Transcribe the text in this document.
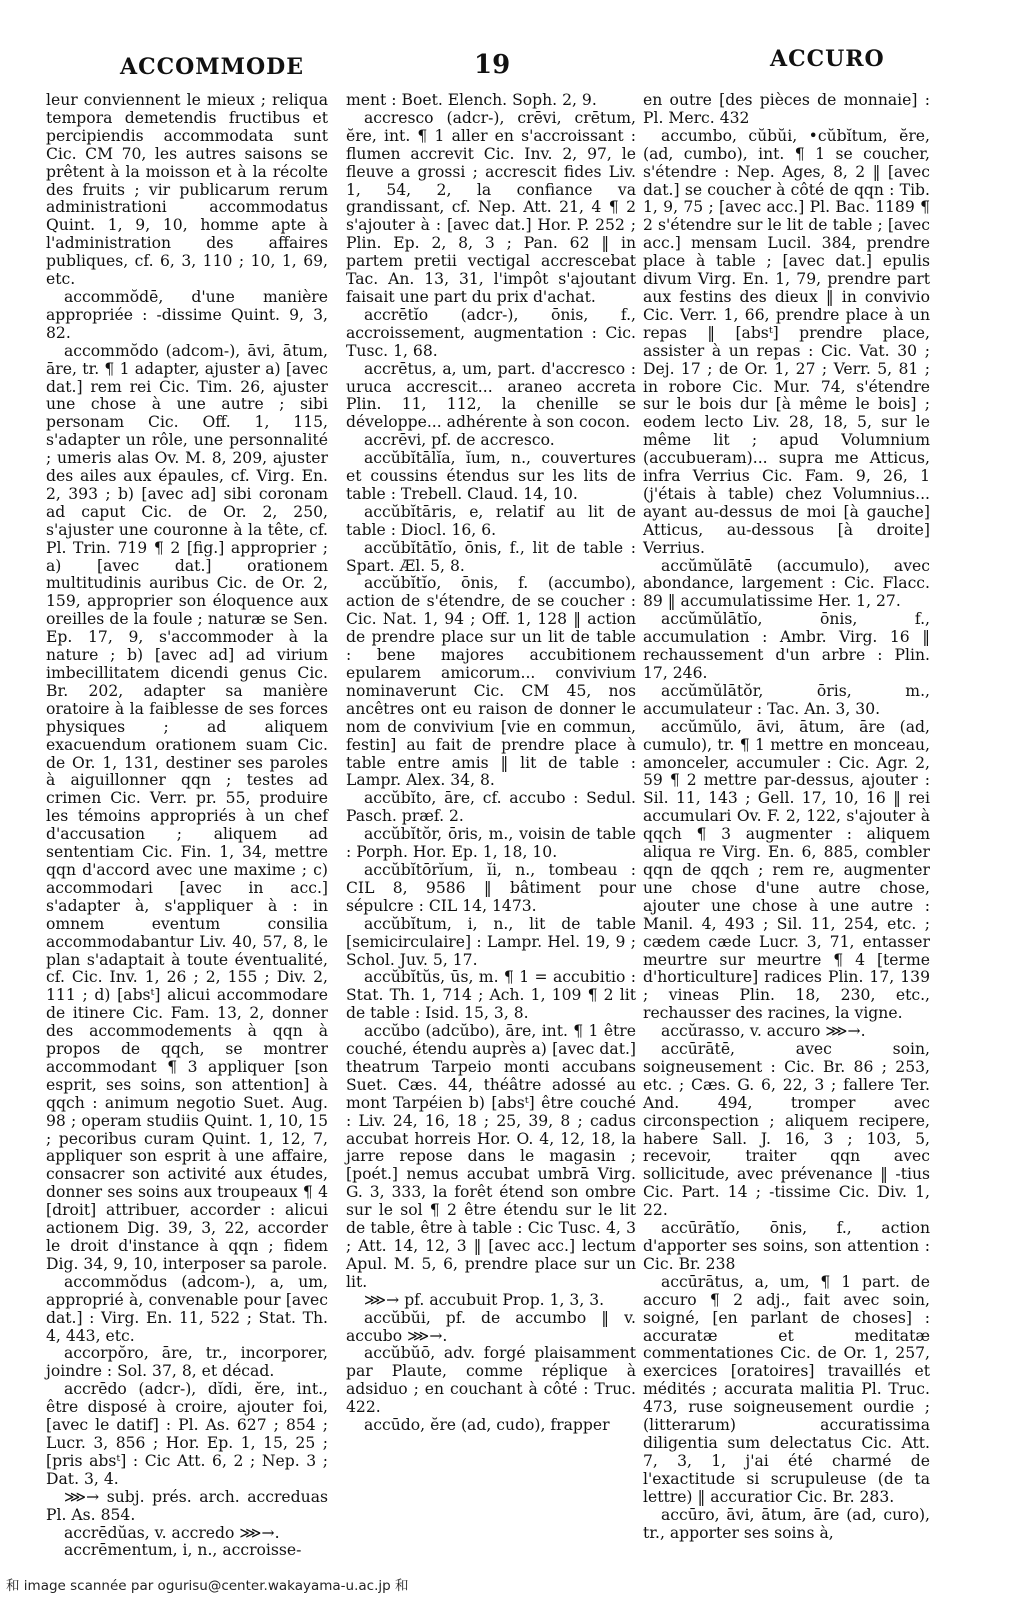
ACCOMMODE	19	ACCURO

leur conviennent le mieux ; reliqua tempora demetendis fructibus et percipiendis accommodata sunt Cic. CM 70, les autres saisons se prêtent à la moisson et à la récolte des fruits ; vir publicarum rerum administrationi accommodatus Quint. 1, 9, 10, homme apte à l'administration des affaires publiques, cf. 6, 3, 110 ; 10, 1, 69, etc.

accommŏdē, d'une manière appropriée : -dissime Quint. 9, 3, 82.

accommŏdo (adcom-), āvi, ātum, āre, tr. ¶ 1 adapter, ajuster a) [avec dat.] rem rei Cic. Tim. 26, ajuster une chose à une autre ; sibi personam Cic. Off. 1, 115, s'adapter un rôle, une personnalité ; umeris alas Ov. M. 8, 209, ajuster des ailes aux épaules, cf. Virg. En. 2, 393 ; b) [avec ad] sibi coronam ad caput Cic. de Or. 2, 250, s'ajuster une couronne à la tête, cf. Pl. Trin. 719 ¶ 2 [fig.] approprier ; a) [avec dat.] orationem multitudinis auribus Cic. de Or. 2, 159, approprier son éloquence aux oreilles de la foule ; naturæ se Sen. Ep. 17, 9, s'accommoder à la nature ; b) [avec ad] ad virium imbecillitatem dicendi genus Cic. Br. 202, adapter sa manière oratoire à la faiblesse de ses forces physiques ; ad aliquem exacuendum orationem suam Cic. de Or. 1, 131, destiner ses paroles à aiguillonner qqn ; testes ad crimen Cic. Verr. pr. 55, produire les témoins appropriés à un chef d'accusation ; aliquem ad sententiam Cic. Fin. 1, 34, mettre qqn d'accord avec une maxime ; c) accommodari [avec in acc.] s'adapter à, s'appliquer à : in omnem eventum consilia accommodabantur Liv. 40, 57, 8, le plan s'adaptait à toute éventualité, cf. Cic. Inv. 1, 26 ; 2, 155 ; Div. 2, 111 ; d) [absᵗ] alicui accommodare de itinere Cic. Fam. 13, 2, donner des accommodements à qqn à propos de qqch, se montrer accommodant ¶ 3 appliquer [son esprit, ses soins, son attention] à qqch : animum negotio Suet. Aug. 98 ; operam studiis Quint. 1, 10, 15 ; pecoribus curam Quint. 1, 12, 7, appliquer son esprit à une affaire, consacrer son activité aux études, donner ses soins aux troupeaux ¶ 4 [droit] attribuer, accorder : alicui actionem Dig. 39, 3, 22, accorder le droit d'instance à qqn ; fidem Dig. 34, 9, 10, interposer sa parole.

accommŏdus (adcom-), a, um, approprié à, convenable pour [avec dat.] : Virg. En. 11, 522 ; Stat. Th. 4, 443, etc.

accorpŏro, āre, tr., incorporer, joindre : Sol. 37, 8, et décad.

accrēdo (adcr-), dĭdi, ĕre, int., être disposé à croire, ajouter foi, [avec le datif] : Pl. As. 627 ; 854 ; Lucr. 3, 856 ; Hor. Ep. 1, 15, 25 ; [pris absᵗ] : Cic Att. 6, 2 ; Nep. 3 ; Dat. 3, 4.

⋙→ subj. prés. arch. accreduas Pl. As. 854.

accrēdŭas, v. accredo ⋙→.

accrēmentum, i, n., accroisse-

ment : Boet. Elench. Soph. 2, 9.

accresco (adcr-), crēvi, crētum, ĕre, int. ¶ 1 aller en s'accroissant : flumen accrevit Cic. Inv. 2, 97, le fleuve a grossi ; accrescit fides Liv. 1, 54, 2, la confiance va grandissant, cf. Nep. Att. 21, 4 ¶ 2 s'ajouter à : [avec dat.] Hor. P. 252 ; Plin. Ep. 2, 8, 3 ; Pan. 62 ‖ in partem pretii vectigal accrescebat Tac. An. 13, 31, l'impôt s'ajoutant faisait une part du prix d'achat.

accrētĭo (adcr-), ōnis, f., accroissement, augmentation : Cic. Tusc. 1, 68.

accrētus, a, um, part. d'accresco : uruca accrescit... araneo accreta Plin. 11, 112, la chenille se développe... adhérente à son cocon.

accrēvi, pf. de accresco.

accŭbĭtālĭa, ĭum, n., couvertures et coussins étendus sur les lits de table : Trebell. Claud. 14, 10.

accŭbĭtāris, e, relatif au lit de table : Diocl. 16, 6.

accŭbĭtātĭo, ōnis, f., lit de table : Spart. Æl. 5, 8.

accŭbĭtĭo, ōnis, f. (accumbo), action de s'étendre, de se coucher : Cic. Nat. 1, 94 ; Off. 1, 128 ‖ action de prendre place sur un lit de table : bene majores accubitionem epularem amicorum... convivium nominaverunt Cic. CM 45, nos ancêtres ont eu raison de donner le nom de convivium [vie en commun, festin] au fait de prendre place à table entre amis ‖ lit de table : Lampr. Alex. 34, 8.

accŭbĭto, āre, cf. accubo : Sedul. Pasch. præf. 2.

accŭbĭtŏr, ōris, m., voisin de table : Porph. Hor. Ep. 1, 18, 10.

accŭbĭtōrĭum, ĭi, n., tombeau : CIL 8, 9586 ‖ bâtiment pour sépulcre : CIL 14, 1473.

accŭbĭtum, i, n., lit de table [semicirculaire] : Lampr. Hel. 19, 9 ; Schol. Juv. 5, 17.

accŭbĭtŭs, ūs, m. ¶ 1 = accubitio : Stat. Th. 1, 714 ; Ach. 1, 109 ¶ 2 lit de table : Isid. 15, 3, 8.

accŭbo (adcŭbo), āre, int. ¶ 1 être couché, étendu auprès a) [avec dat.] theatrum Tarpeio monti accubans Suet. Cæs. 44, théâtre adossé au mont Tarpéien b) [absᵗ] être couché : Liv. 24, 16, 18 ; 25, 39, 8 ; cadus accubat horreis Hor. O. 4, 12, 18, la jarre repose dans le magasin ; [poét.] nemus accubat umbrā Virg. G. 3, 333, la forêt étend son ombre sur le sol ¶ 2 être étendu sur le lit de table, être à table : Cic Tusc. 4, 3 ; Att. 14, 12, 3 ‖ [avec acc.] lectum Apul. M. 5, 6, prendre place sur un lit.

⋙→ pf. accubuit Prop. 1, 3, 3.

accŭbŭi, pf. de accumbo ‖ v. accubo ⋙→.

accŭbŭō, adv. forgé plaisamment par Plaute, comme réplique à adsiduo ; en couchant à côté : Truc. 422.

accūdo, ĕre (ad, cudo), frapper

en outre [des pièces de monnaie] : Pl. Merc. 432

accumbo, cŭbŭi, •cŭbĭtum, ĕre, (ad, cumbo), int. ¶ 1 se coucher, s'étendre : Nep. Ages, 8, 2 ‖ [avec dat.] se coucher à côté de qqn : Tib. 1, 9, 75 ; [avec acc.] Pl. Bac. 1189 ¶ 2 s'étendre sur le lit de table ; [avec acc.] mensam Lucil. 384, prendre place à table ; [avec dat.] epulis divum Virg. En. 1, 79, prendre part aux festins des dieux ‖ in convivio Cic. Verr. 1, 66, prendre place à un repas ‖ [absᵗ] prendre place, assister à un repas : Cic. Vat. 30 ; Dej. 17 ; de Or. 1, 27 ; Verr. 5, 81 ; in robore Cic. Mur. 74, s'étendre sur le bois dur [à même le bois] ; eodem lecto Liv. 28, 18, 5, sur le même lit ; apud Volumnium (accubueram)... supra me Atticus, infra Verrius Cic. Fam. 9, 26, 1 (j'étais à table) chez Volumnius... ayant au-dessus de moi [à gauche] Atticus, au-dessous [à droite] Verrius.

accŭmŭlātē (accumulo), avec abondance, largement : Cic. Flacc. 89 ‖ accumulatissime Her. 1, 27.

accŭmŭlātĭo, ōnis, f., accumulation : Ambr. Virg. 16 ‖ rechaussement d'un arbre : Plin. 17, 246.

accŭmŭlātŏr, ōris, m., accumulateur : Tac. An. 3, 30.

accŭmŭlo, āvi, ātum, āre (ad, cumulo), tr. ¶ 1 mettre en monceau, amonceler, accumuler : Cic. Agr. 2, 59 ¶ 2 mettre par-dessus, ajouter : Sil. 11, 143 ; Gell. 17, 10, 16 ‖ rei accumulari Ov. F. 2, 122, s'ajouter à qqch ¶ 3 augmenter : aliquem aliqua re Virg. En. 6, 885, combler qqn de qqch ; rem re, augmenter une chose d'une autre chose, ajouter une chose à une autre : Manil. 4, 493 ; Sil. 11, 254, etc. ; cædem cæde Lucr. 3, 71, entasser meurtre sur meurtre ¶ 4 [terme d'horticulture] radices Plin. 17, 139 ; vineas Plin. 18, 230, etc., rechausser des racines, la vigne.

accŭrasso, v. accuro ⋙→.

accūrātē, avec soin, soigneusement : Cic. Br. 86 ; 253, etc. ; Cæs. G. 6, 22, 3 ; fallere Ter. And. 494, tromper avec circonspection ; aliquem recipere, habere Sall. J. 16, 3 ; 103, 5, recevoir, traiter qqn avec sollicitude, avec prévenance ‖ -tius Cic. Part. 14 ; -tissime Cic. Div. 1, 22.

accūrātĭo, ōnis, f., action d'apporter ses soins, son attention : Cic. Br. 238

accūrātus, a, um, ¶ 1 part. de accuro ¶ 2 adj., fait avec soin, soigné, [en parlant de choses] : accuratæ et meditatæ commentationes Cic. de Or. 1, 257, exercices [oratoires] travaillés et médités ; accurata malitia Pl. Truc. 473, ruse soigneusement ourdie ; (litterarum) accuratissima diligentia sum delectatus Cic. Att. 7, 3, 1, j'ai été charmé de l'exactitude si scrupuleuse (de ta lettre) ‖ accuratior Cic. Br. 283.

accūro, āvi, ātum, āre (ad, curo), tr., apporter ses soins à,

和 image scannée par ogurisu@center.wakayama-u.ac.jp 和
